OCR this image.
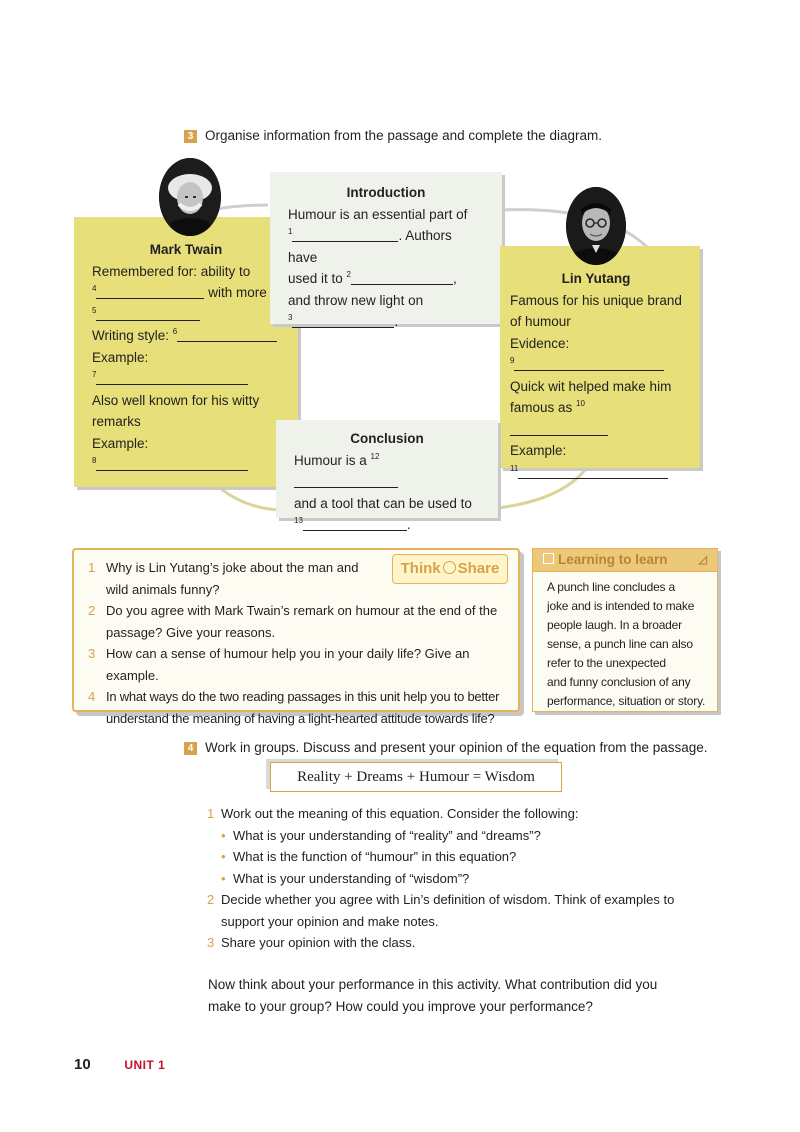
3 Organise information from the passage and complete the diagram.
Mark Twain
Remembered for: ability to
$^4$	with more
$^5$
Writing style: $^6$
Example:
$^7$
Also well known for his witty
remarks
Example:
$^8$
Introduction
Humour is an essential part of
$^1$	. Authors have
used it to $^2$	,
and throw new light on
$^3$	.
Lin Yutang
Famous for his unique brand
of humour
Evidence:
$^9$
Quick wit helped make him
famous as $^{10}$
Example:
$^{11}$
Conclusion
Humour is a $^{12}$
and a tool that can be used to
$^{13}$	.
Think Share
1 Why is Lin Yutang’s joke about the man and
wild animals funny?
2 Do you agree with Mark Twain’s remark on humour at the end of the
passage? Give your reasons.
3 How can a sense of humour help you in your daily life? Give an example.
4 In what ways do the two reading passages in this unit help you to better
understand the meaning of having a light-hearted attitude towards life?
Learning to learn	◿
A punch line concludes a
joke and is intended to make
people laugh. In a broader
sense, a punch line can also
refer to the unexpected
and funny conclusion of any
performance, situation or story.
4 Work in groups. Discuss and present your opinion of the equation from the passage.
Reality + Dreams + Humour = Wisdom
1 Work out the meaning of this equation. Consider the following:
• What is your understanding of “reality” and “dreams”?
• What is the function of “humour” in this equation?
• What is your understanding of “wisdom”?
2 Decide whether you agree with Lin’s definition of wisdom. Think of examples to
support your opinion and make notes.
3 Share your opinion with the class.
Now think about your performance in this activity. What contribution did you
make to your group? How could you improve your performance?
10	UNIT 1
